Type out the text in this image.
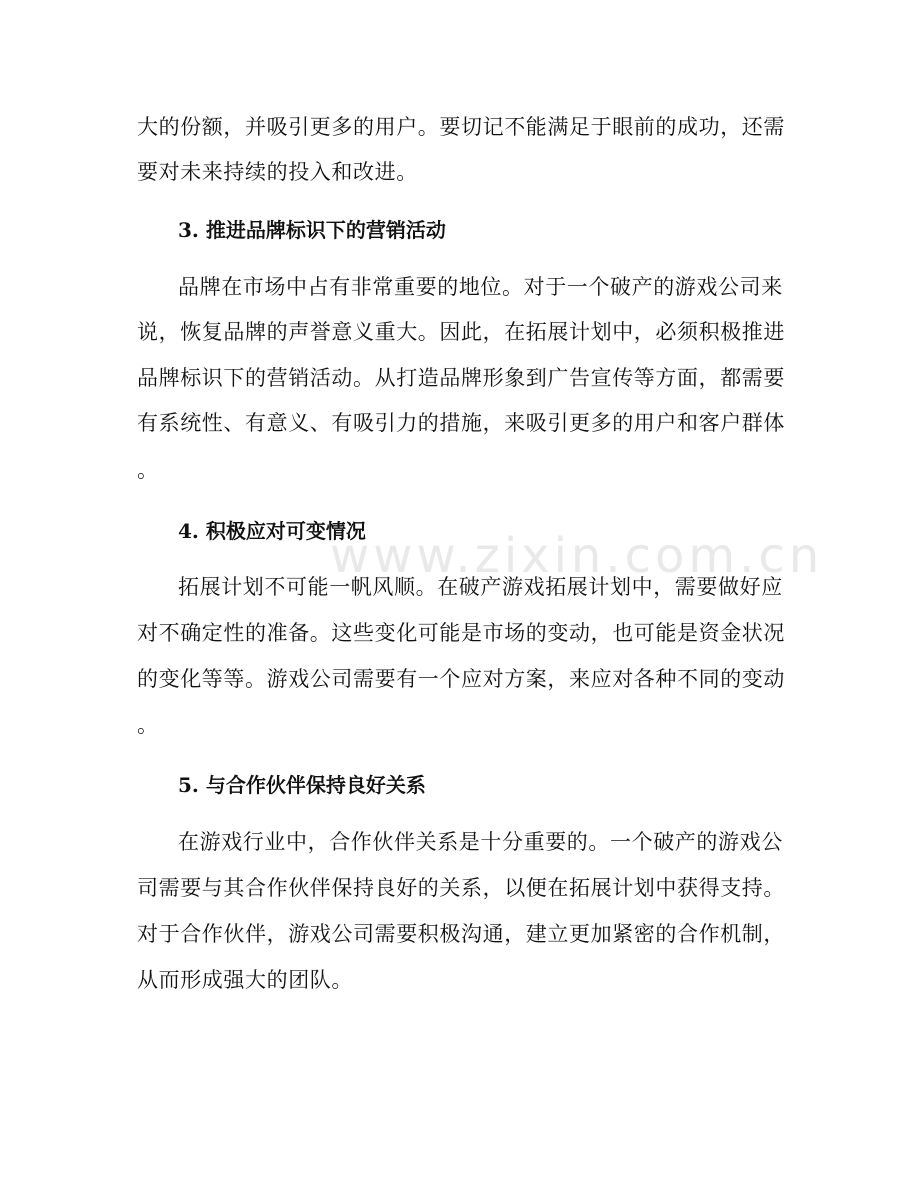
www.zixin.com.cn
大的份额，并吸引更多的用户。要切记不能满足于眼前的成功，还需
要对未来持续的投入和改进。
3. 推进品牌标识下的营销活动
品牌在市场中占有非常重要的地位。对于一个破产的游戏公司来
说，恢复品牌的声誉意义重大。因此，在拓展计划中，必须积极推进
品牌标识下的营销活动。从打造品牌形象到广告宣传等方面，都需要
有系统性、有意义、有吸引力的措施，来吸引更多的用户和客户群体
。
4. 积极应对可变情况
拓展计划不可能一帆风顺。在破产游戏拓展计划中，需要做好应
对不确定性的准备。这些变化可能是市场的变动，也可能是资金状况
的变化等等。游戏公司需要有一个应对方案，来应对各种不同的变动
。
5. 与合作伙伴保持良好关系
在游戏行业中，合作伙伴关系是十分重要的。一个破产的游戏公
司需要与其合作伙伴保持良好的关系，以便在拓展计划中获得支持。
对于合作伙伴，游戏公司需要积极沟通，建立更加紧密的合作机制，
从而形成强大的团队。
